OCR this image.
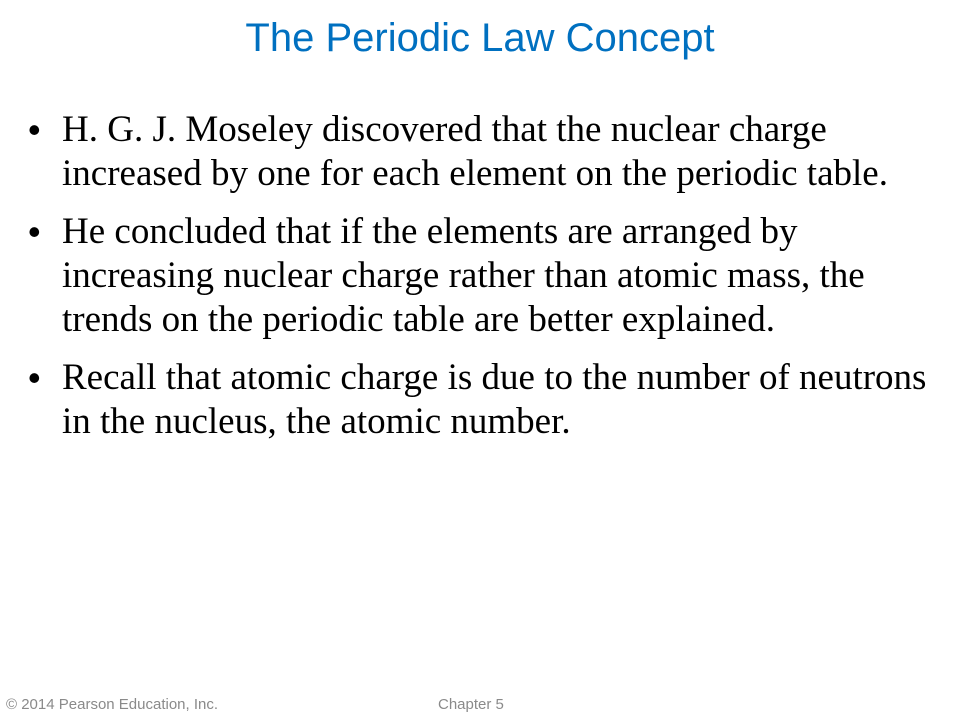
The Periodic Law Concept
• H. G. J. Moseley discovered that the nuclear charge increased by one for each element on the periodic table.
• He concluded that if the elements are arranged by increasing nuclear charge rather than atomic mass, the trends on the periodic table are better explained.
• Recall that atomic charge is due to the number of neutrons in the nucleus, the atomic number.
© 2014 Pearson Education, Inc.	Chapter 5
